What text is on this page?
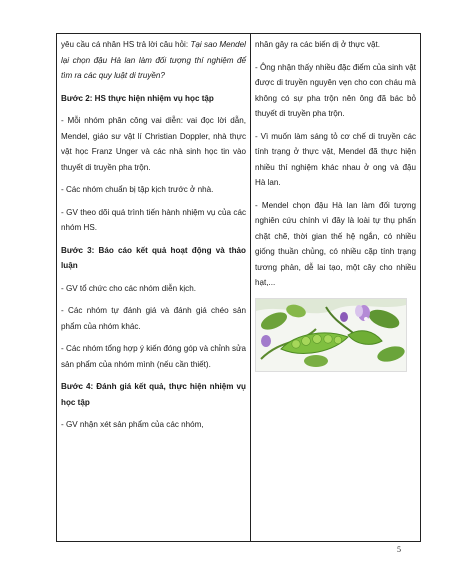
yêu cầu cá nhân HS trả lời câu hỏi: Tại sao Mendel lại chọn đậu Hà lan làm đối tượng thí nghiệm để tìm ra các quy luật di truyền?

Bước 2: HS thực hiện nhiệm vụ học tập

- Mỗi nhóm phân công vai diễn: vai đọc lời dẫn, Mendel, giáo sư vật lí Christian Doppler, nhà thực vật học Franz Unger và các nhà sinh học tin vào thuyết di truyền pha trộn.

- Các nhóm chuẩn bị tập kịch trước ở nhà.

- GV theo dõi quá trình tiến hành nhiệm vụ của các nhóm HS.

Bước 3: Báo cáo kết quả hoạt động và thảo luận

- GV tổ chức cho các nhóm diễn kịch.

- Các nhóm tự đánh giá và đánh giá chéo sản phẩm của nhóm khác.

- Các nhóm tổng hợp ý kiến đóng góp và chỉnh sửa sản phẩm của nhóm mình (nếu cần thiết).

Bước 4: Đánh giá kết quả, thực hiện nhiệm vụ học tập

- GV nhận xét sản phẩm của các nhóm,

nhân gây ra các biến dị ở thực vật.

- Ông nhận thấy nhiều đặc điểm của sinh vật được di truyền nguyên vẹn cho con cháu mà không có sự pha trộn nên ông đã bác bỏ thuyết di truyền pha trộn.

- Vì muốn làm sáng tỏ cơ chế di truyền các tính trạng ở thực vật, Mendel đã thực hiện nhiều thí nghiệm khác nhau ở ong và đậu Hà lan.

- Mendel chọn đậu Hà lan làm đối tượng nghiên cứu chính vì đây là loài tự thụ phấn chặt chẽ, thời gian thế hệ ngắn, có nhiều giống thuần chủng, có nhiều cặp tính trạng tương phản, dễ lai tạo, một cây cho nhiều hạt,...

5
